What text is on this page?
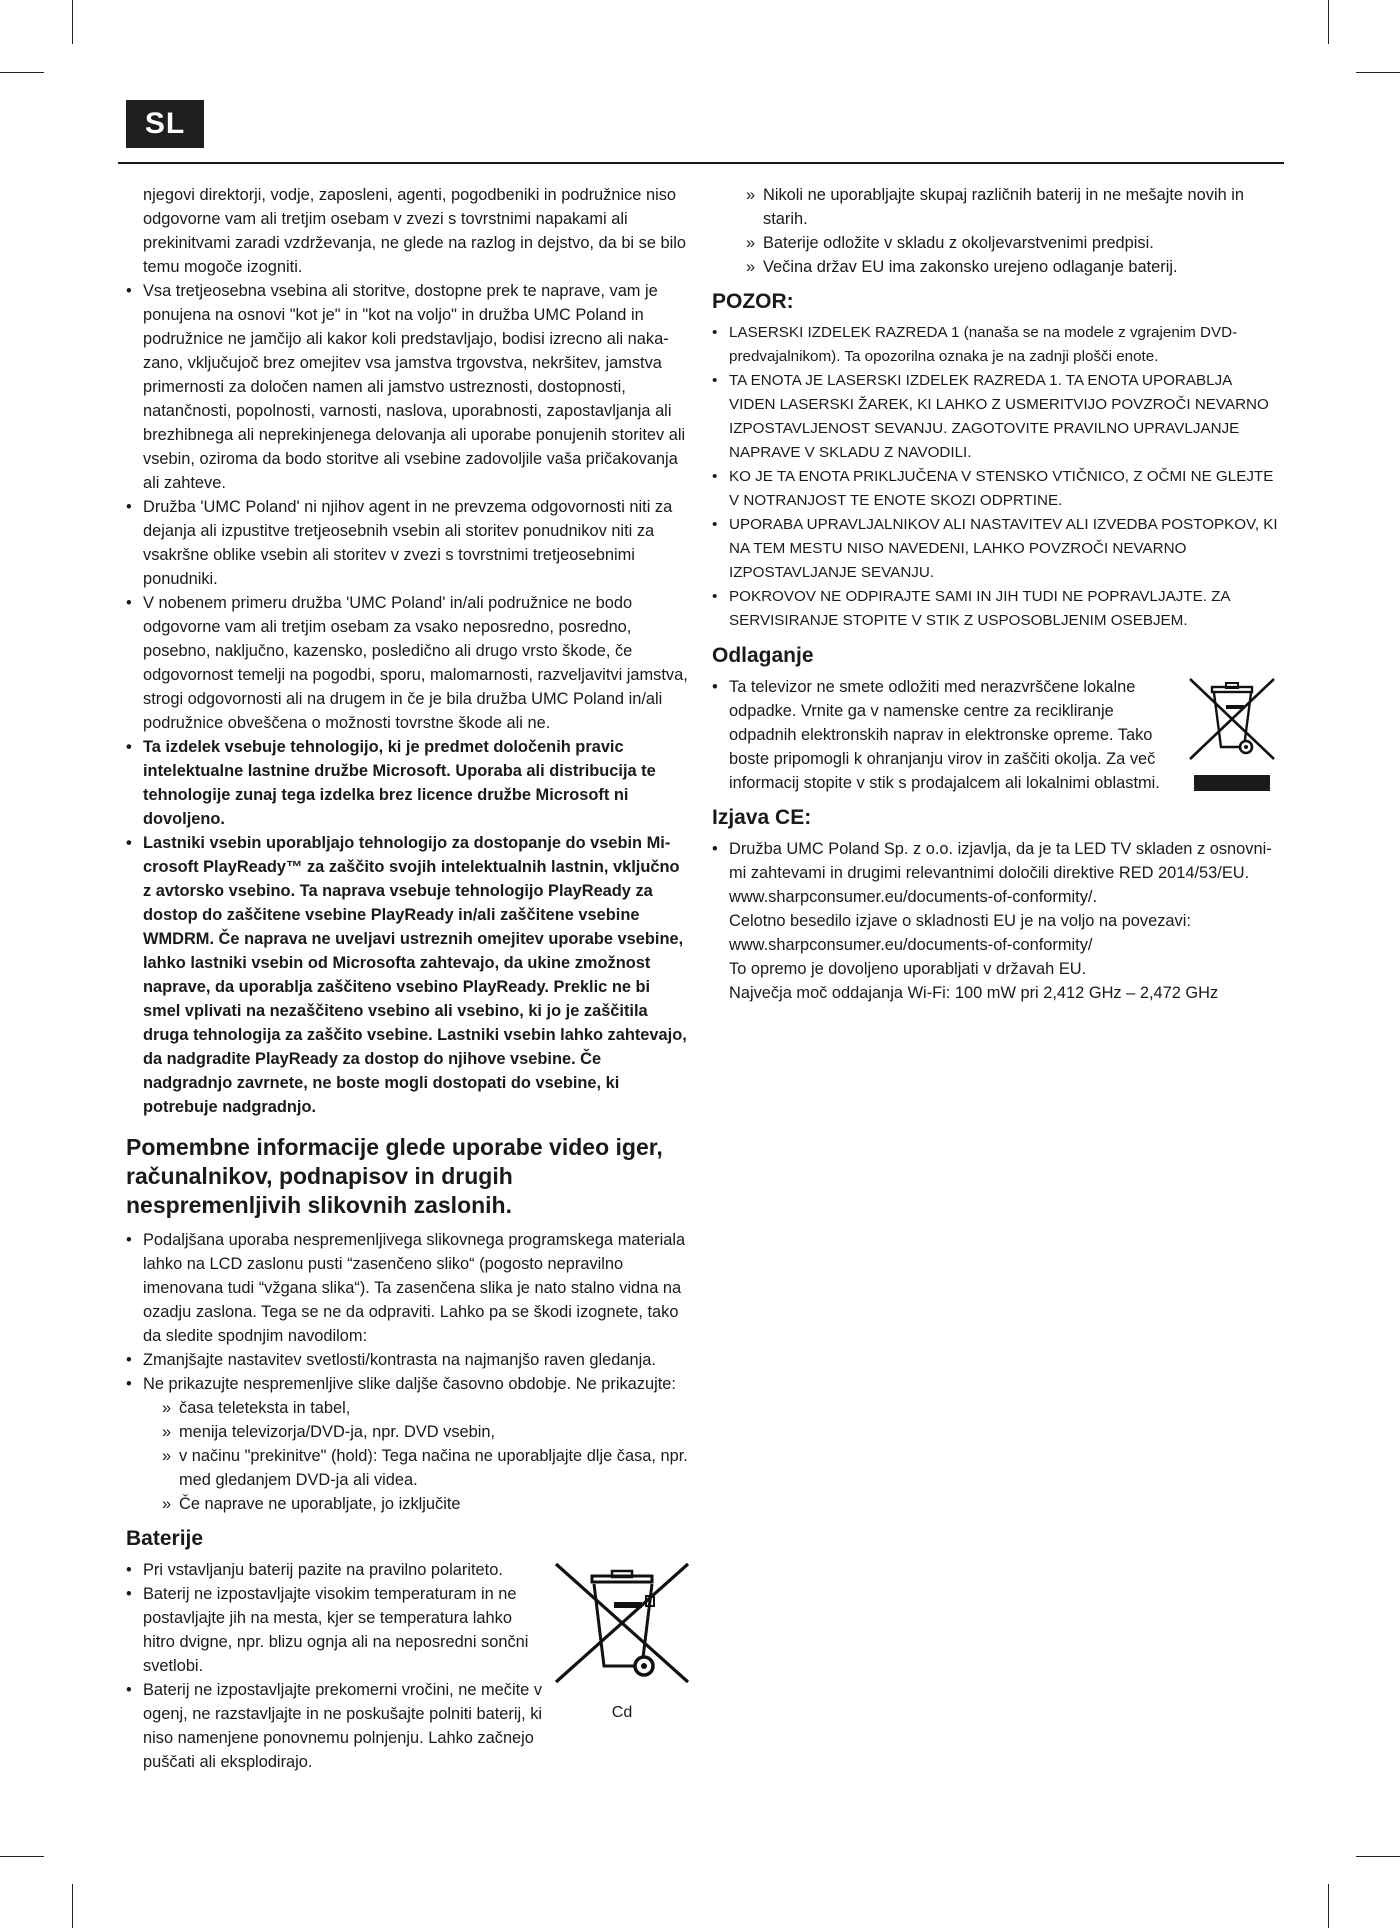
SL

njegovi direktorji, vodje, zaposleni, agenti, pogodbeniki in podružnice niso odgovorne vam ali tretjim osebam v zvezi s tovrstnimi napakami ali prekinitvami zaradi vzdrževanja, ne glede na razlog in dejstvo, da bi se bilo temu mogoče izogniti.

• Vsa tretjeosebna vsebina ali storitve, dostopne prek te naprave, vam je ponujena na osnovi "kot je" in "kot na voljo" in družba UMC Poland in podružnice ne jamčijo ali kakor koli predstavljajo, bodisi izrecno ali nakazano, vključujoč brez omejitev vsa jamstva trgovstva, nekršitev, jamstva primernosti za določen namen ali jamstvo ustreznosti, dostopnosti, natančnosti, popolnosti, varnosti, naslova, uporabnosti, zapostavljanja ali brezhibnega ali neprekinjenega delovanja ali uporabe ponujenih storitev ali vsebin, oziroma da bodo storitve ali vsebine zadovoljile vaša pričakovanja ali zahteve.
• Družba 'UMC Poland' ni njihov agent in ne prevzema odgovornosti niti za dejanja ali izpustitve tretjeosebnih vsebin ali storitev ponudnikov niti za vsakršne oblike vsebin ali storitev v zvezi s tovrstnimi tretjeosebnimi ponudniki.
• V nobenem primeru družba 'UMC Poland' in/ali podružnice ne bodo odgovorne vam ali tretjim osebam za vsako neposredno, posredno, posebno, naključno, kazensko, posledično ali drugo vrsto škode, če odgovornost temelji na pogodbi, sporu, malomarnosti, razveljavitvi jamstva, strogi odgovornosti ali na drugem in če je bila družba UMC Poland in/ali podružnice obveščena o možnosti tovrstne škode ali ne.
• Ta izdelek vsebuje tehnologijo, ki je predmet določenih pravic intelektualne lastnine družbe Microsoft. Uporaba ali distribucija te tehnologije zunaj tega izdelka brez licence družbe Microsoft ni dovoljeno.
• Lastniki vsebin uporabljajo tehnologijo za dostopanje do vsebin Microsoft PlayReady™ za zaščito svojih intelektualnih lastnin, vključno z avtorsko vsebino. Ta naprava vsebuje tehnologijo PlayReady za dostop do zaščitene vsebine PlayReady in/ali zaščitene vsebine WMDRM. Če naprava ne uveljavi ustreznih omejitev uporabe vsebine, lahko lastniki vsebin od Microsofta zahtevajo, da ukine zmožnost naprave, da uporablja zaščiteno vsebino PlayReady. Preklic ne bi smel vplivati na nezaščiteno vsebino ali vsebino, ki jo je zaščitila druga tehnologija za zaščito vsebine. Lastniki vsebin lahko zahtevajo, da nadgradite PlayReady za dostop do njihove vsebine. Če nadgradnjo zavrnete, ne boste mogli dostopati do vsebine, ki potrebuje nadgradnjo.
Pomembne informacije glede uporabe video iger, računalnikov, podnapisov in drugih nespremenljivih slikovnih zaslonih.
• Podaljšana uporaba nespremenljivega slikovnega programskega materiala lahko na LCD zaslonu pusti “zasenčeno sliko“ (pogosto nepravilno imenovana tudi “vžgana slika“). Ta zasenčena slika je nato stalno vidna na ozadju zaslona. Tega se ne da odpraviti. Lahko pa se škodi izognete, tako da sledite spodnjim navodilom:
• Zmanjšajte nastavitev svetlosti/kontrasta na najmanjšo raven gledanja.
• Ne prikazujte nespremenljive slike daljše časovno obdobje. Ne prikazujte:
» časa teleteksta in tabel,
» menija televizorja/DVD-ja, npr. DVD vsebin,
» v načinu "prekinitve" (hold): Tega načina ne uporabljajte dlje časa, npr. med gledanjem DVD-ja ali videa.
» Če naprave ne uporabljate, jo izključite
Baterije
• Pri vstavljanju baterij pazite na pravilno polariteto.
• Baterij ne izpostavljajte visokim temperaturam in ne postavljajte jih na mesta, kjer se temperatura lahko hitro dvigne, npr. blizu ognja ali na neposredni sončni svetlobi.
• Baterij ne izpostavljajte prekomerni vročini, ne mečite v ogenj, ne razstavljajte in ne poskušajte polniti baterij, ki niso namenjene ponovnemu polnjenju. Lahko začnejo puščati ali eksplodirajo.
Cd
» Nikoli ne uporabljajte skupaj različnih baterij in ne mešajte novih in starih.
» Baterije odložite v skladu z okoljevarstvenimi predpisi.
» Večina držav EU ima zakonsko urejeno odlaganje baterij.
POZOR:
• LASERSKI IZDELEK RAZREDA 1 (nanaša se na modele z vgrajenim DVD-predvajalnikom). Ta opozorilna oznaka je na zadnji plošči enote.
• TA ENOTA JE LASERSKI IZDELEK RAZREDA 1. TA ENOTA UPORABLJA VIDEN LASERSKI ŽAREK, KI LAHKO Z USMERITVIJO POVZROČI NEVARNO IZPOSTAVLJENOST SEVANJU. ZAGOTOVITE PRAVILNO UPRAVLJANJE NAPRAVE V SKLADU Z NAVODILI.
• KO JE TA ENOTA PRIKLJUČENA V STENSKO VTIČNICO, Z OČMI NE GLEJTE V NOTRANJOST TE ENOTE SKOZI ODPRTINE.
• UPORABA UPRAVLJALNIKOV ALI NASTAVITEV ALI IZVEDBA POSTOPKOV, KI NA TEM MESTU NISO NAVEDENI, LAHKO POVZROČI NEVARNO IZPOSTAVLJANJE SEVANJU.
• POKROVOV NE ODPIRAJTE SAMI IN JIH TUDI NE POPRAVLJAJTE. ZA SERVISIRANJE STOPITE V STIK Z USPOSOBLJENIM OSEBJEM.
Odlaganje
• Ta televizor ne smete odložiti med nerazvrščene lokalne odpadke. Vrnite ga v namenske centre za recikliranje odpadnih elektronskih naprav in elektronske opreme. Tako boste pripomogli k ohranjanju virov in zaščiti okolja. Za več informacij stopite v stik s prodajalcem ali lokalnimi oblastmi.
Izjava CE:
• Družba UMC Poland Sp. z o.o. izjavlja, da je ta LED TV skladen z osnovnimi zahtevami in drugimi relevantnimi določili direktive RED 2014/53/EU.
www.sharpconsumer.eu/documents-of-conformity/.
Celotno besedilo izjave o skladnosti EU je na voljo na povezavi: www.sharpconsumer.eu/documents-of-conformity/
To opremo je dovoljeno uporabljati v državah EU.
Največja moč oddajanja Wi-Fi: 100 mW pri 2,412 GHz – 2,472 GHz
